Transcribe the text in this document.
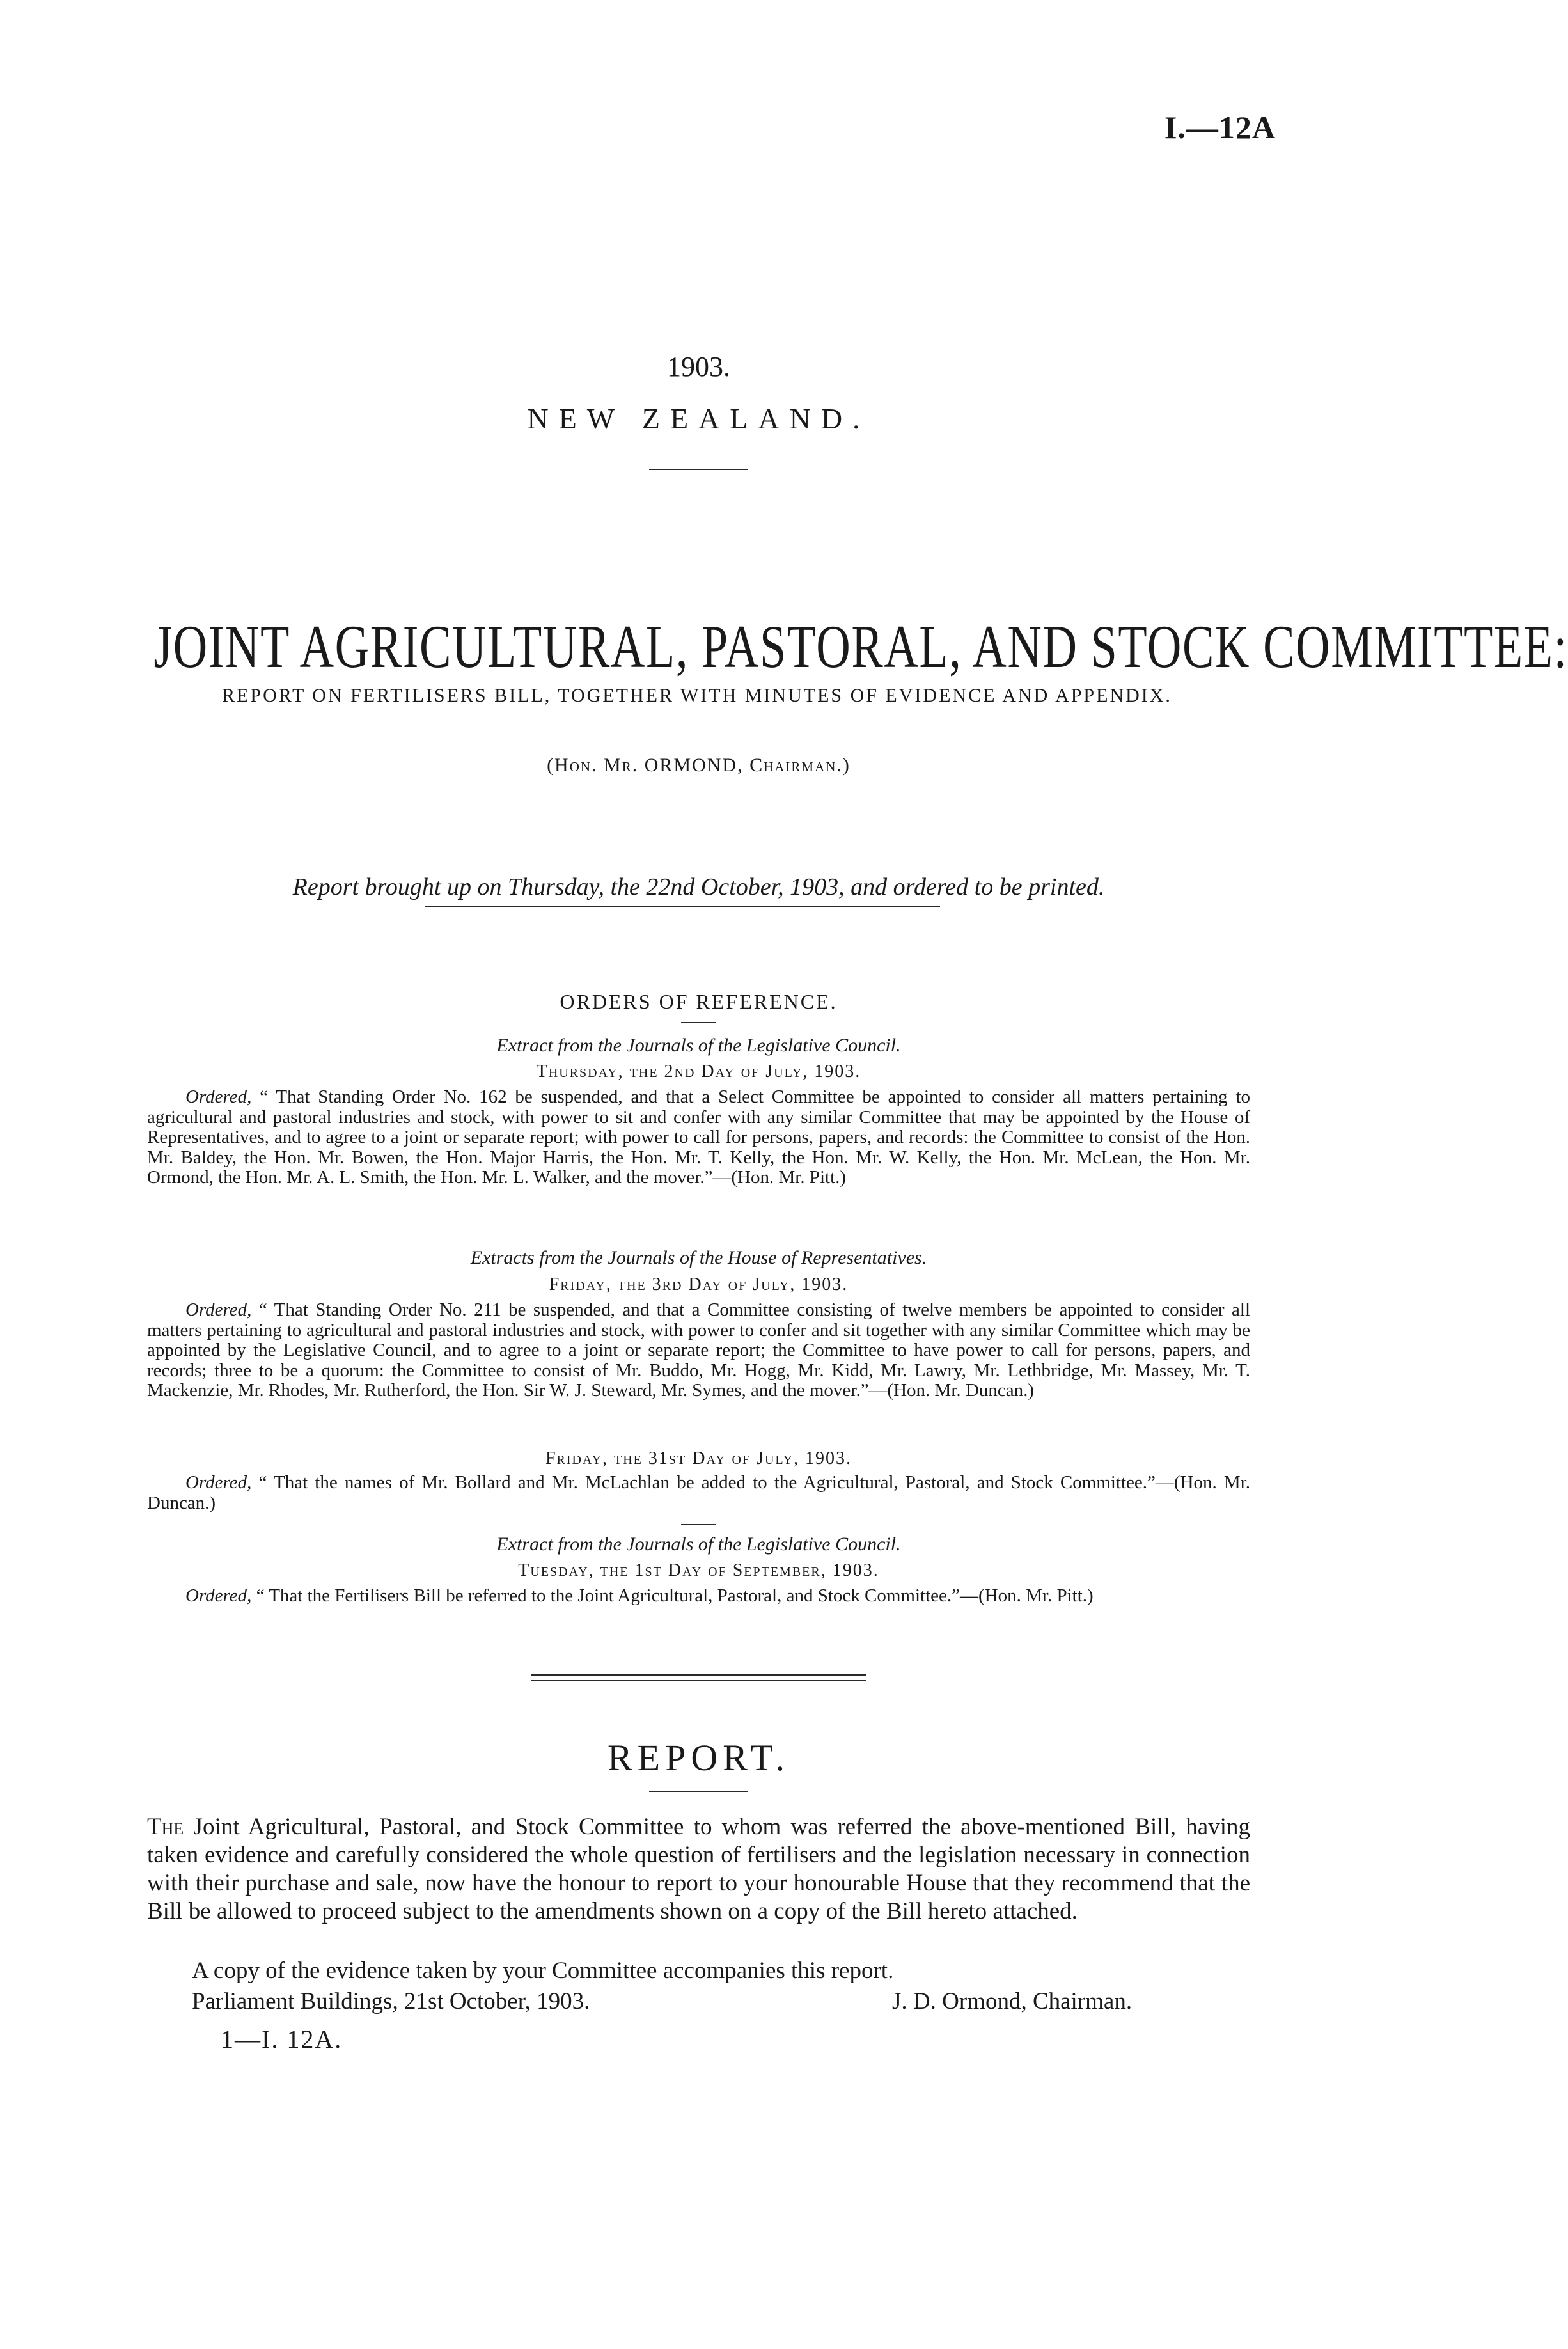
I.—12A
1903.
NEW ZEALAND.
JOINT AGRICULTURAL, PASTORAL, AND STOCK COMMITTEE:
REPORT ON FERTILISERS BILL, TOGETHER WITH MINUTES OF EVIDENCE AND APPENDIX.
(Hon. Mr. ORMOND, Chairman.)
Report brought up on Thursday, the 22nd October, 1903, and ordered to be printed.
ORDERS OF REFERENCE.
Extract from the Journals of the Legislative Council.
Thursday, the 2nd Day of July, 1903.
Ordered, “ That Standing Order No. 162 be suspended, and that a Select Committee be appointed to consider all matters pertaining to agricultural and pastoral industries and stock, with power to sit and confer with any similar Committee that may be appointed by the House of Representatives, and to agree to a joint or separate report; with power to call for persons, papers, and records: the Committee to consist of the Hon. Mr. Baldey, the Hon. Mr. Bowen, the Hon. Major Harris, the Hon. Mr. T. Kelly, the Hon. Mr. W. Kelly, the Hon. Mr. McLean, the Hon. Mr. Ormond, the Hon. Mr. A. L. Smith, the Hon. Mr. L. Walker, and the mover.”—(Hon. Mr. Pitt.)
Extracts from the Journals of the House of Representatives.
Friday, the 3rd Day of July, 1903.
Ordered, “ That Standing Order No. 211 be suspended, and that a Committee consisting of twelve members be appointed to consider all matters pertaining to agricultural and pastoral industries and stock, with power to confer and sit together with any similar Committee which may be appointed by the Legislative Council, and to agree to a joint or separate report; the Committee to have power to call for persons, papers, and records; three to be a quorum: the Committee to consist of Mr. Buddo, Mr. Hogg, Mr. Kidd, Mr. Lawry, Mr. Lethbridge, Mr. Massey, Mr. T. Mackenzie, Mr. Rhodes, Mr. Rutherford, the Hon. Sir W. J. Steward, Mr. Symes, and the mover.”—(Hon. Mr. Duncan.)
Friday, the 31st Day of July, 1903.
Ordered, “ That the names of Mr. Bollard and Mr. McLachlan be added to the Agricultural, Pastoral, and Stock Committee.”—(Hon. Mr. Duncan.)
Extract from the Journals of the Legislative Council.
Tuesday, the 1st Day of September, 1903.
Ordered, “ That the Fertilisers Bill be referred to the Joint Agricultural, Pastoral, and Stock Committee.”—(Hon. Mr. Pitt.)
REPORT.
The Joint Agricultural, Pastoral, and Stock Committee to whom was referred the above-mentioned Bill, having taken evidence and carefully considered the whole question of fertilisers and the legislation necessary in connection with their purchase and sale, now have the honour to report to your honourable House that they recommend that the Bill be allowed to proceed subject to the amendments shown on a copy of the Bill hereto attached.
A copy of the evidence taken by your Committee accompanies this report.
Parliament Buildings, 21st October, 1903.	J. D. Ormond, Chairman.
1—I. 12A.
